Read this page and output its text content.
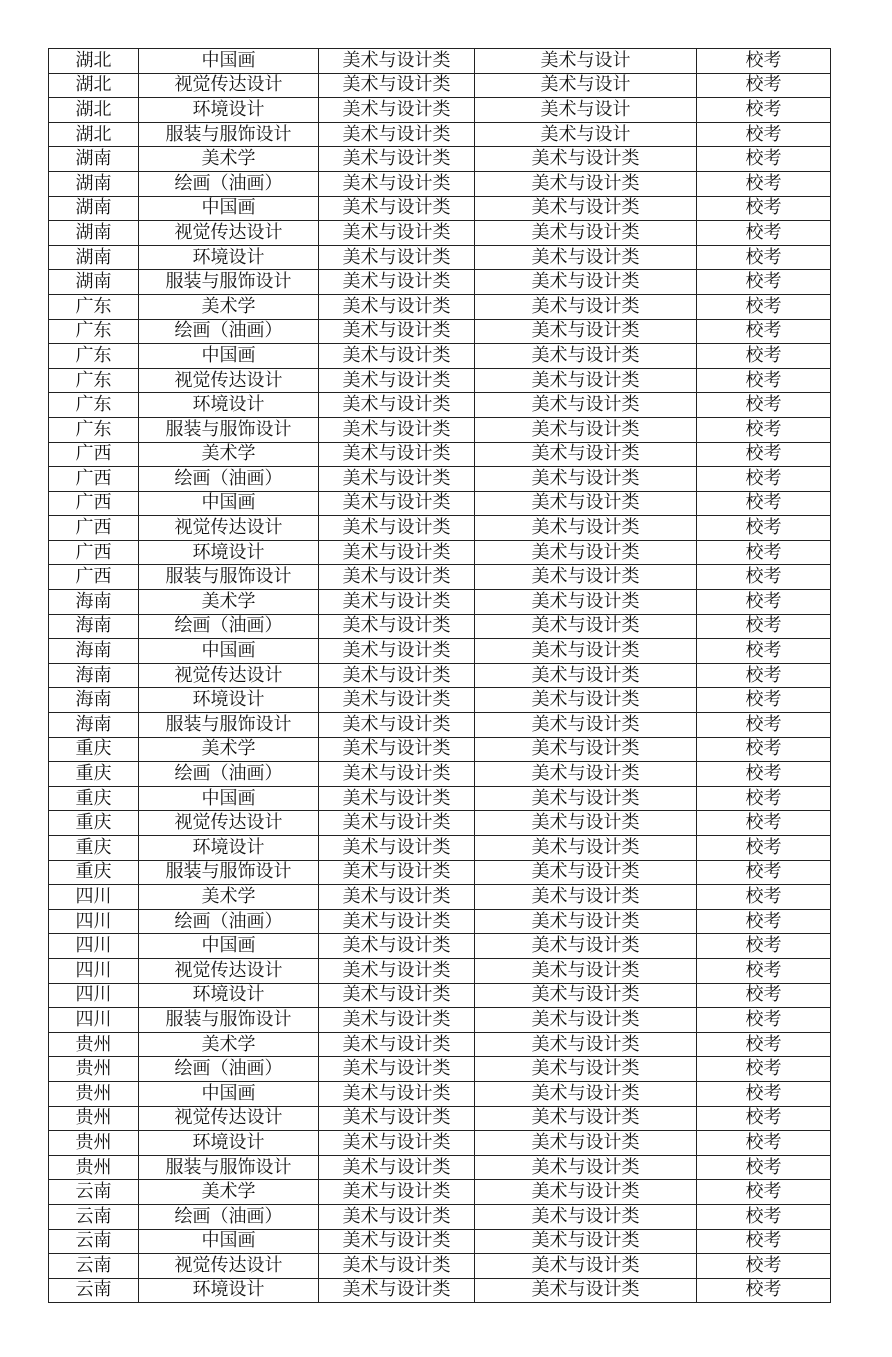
湖北	中国画	美术与设计类	美术与设计	校考
湖北	视觉传达设计	美术与设计类	美术与设计	校考
湖北	环境设计	美术与设计类	美术与设计	校考
湖北	服装与服饰设计	美术与设计类	美术与设计	校考
湖南	美术学	美术与设计类	美术与设计类	校考
湖南	绘画（油画）	美术与设计类	美术与设计类	校考
湖南	中国画	美术与设计类	美术与设计类	校考
湖南	视觉传达设计	美术与设计类	美术与设计类	校考
湖南	环境设计	美术与设计类	美术与设计类	校考
湖南	服装与服饰设计	美术与设计类	美术与设计类	校考
广东	美术学	美术与设计类	美术与设计类	校考
广东	绘画（油画）	美术与设计类	美术与设计类	校考
广东	中国画	美术与设计类	美术与设计类	校考
广东	视觉传达设计	美术与设计类	美术与设计类	校考
广东	环境设计	美术与设计类	美术与设计类	校考
广东	服装与服饰设计	美术与设计类	美术与设计类	校考
广西	美术学	美术与设计类	美术与设计类	校考
广西	绘画（油画）	美术与设计类	美术与设计类	校考
广西	中国画	美术与设计类	美术与设计类	校考
广西	视觉传达设计	美术与设计类	美术与设计类	校考
广西	环境设计	美术与设计类	美术与设计类	校考
广西	服装与服饰设计	美术与设计类	美术与设计类	校考
海南	美术学	美术与设计类	美术与设计类	校考
海南	绘画（油画）	美术与设计类	美术与设计类	校考
海南	中国画	美术与设计类	美术与设计类	校考
海南	视觉传达设计	美术与设计类	美术与设计类	校考
海南	环境设计	美术与设计类	美术与设计类	校考
海南	服装与服饰设计	美术与设计类	美术与设计类	校考
重庆	美术学	美术与设计类	美术与设计类	校考
重庆	绘画（油画）	美术与设计类	美术与设计类	校考
重庆	中国画	美术与设计类	美术与设计类	校考
重庆	视觉传达设计	美术与设计类	美术与设计类	校考
重庆	环境设计	美术与设计类	美术与设计类	校考
重庆	服装与服饰设计	美术与设计类	美术与设计类	校考
四川	美术学	美术与设计类	美术与设计类	校考
四川	绘画（油画）	美术与设计类	美术与设计类	校考
四川	中国画	美术与设计类	美术与设计类	校考
四川	视觉传达设计	美术与设计类	美术与设计类	校考
四川	环境设计	美术与设计类	美术与设计类	校考
四川	服装与服饰设计	美术与设计类	美术与设计类	校考
贵州	美术学	美术与设计类	美术与设计类	校考
贵州	绘画（油画）	美术与设计类	美术与设计类	校考
贵州	中国画	美术与设计类	美术与设计类	校考
贵州	视觉传达设计	美术与设计类	美术与设计类	校考
贵州	环境设计	美术与设计类	美术与设计类	校考
贵州	服装与服饰设计	美术与设计类	美术与设计类	校考
云南	美术学	美术与设计类	美术与设计类	校考
云南	绘画（油画）	美术与设计类	美术与设计类	校考
云南	中国画	美术与设计类	美术与设计类	校考
云南	视觉传达设计	美术与设计类	美术与设计类	校考
云南	环境设计	美术与设计类	美术与设计类	校考
